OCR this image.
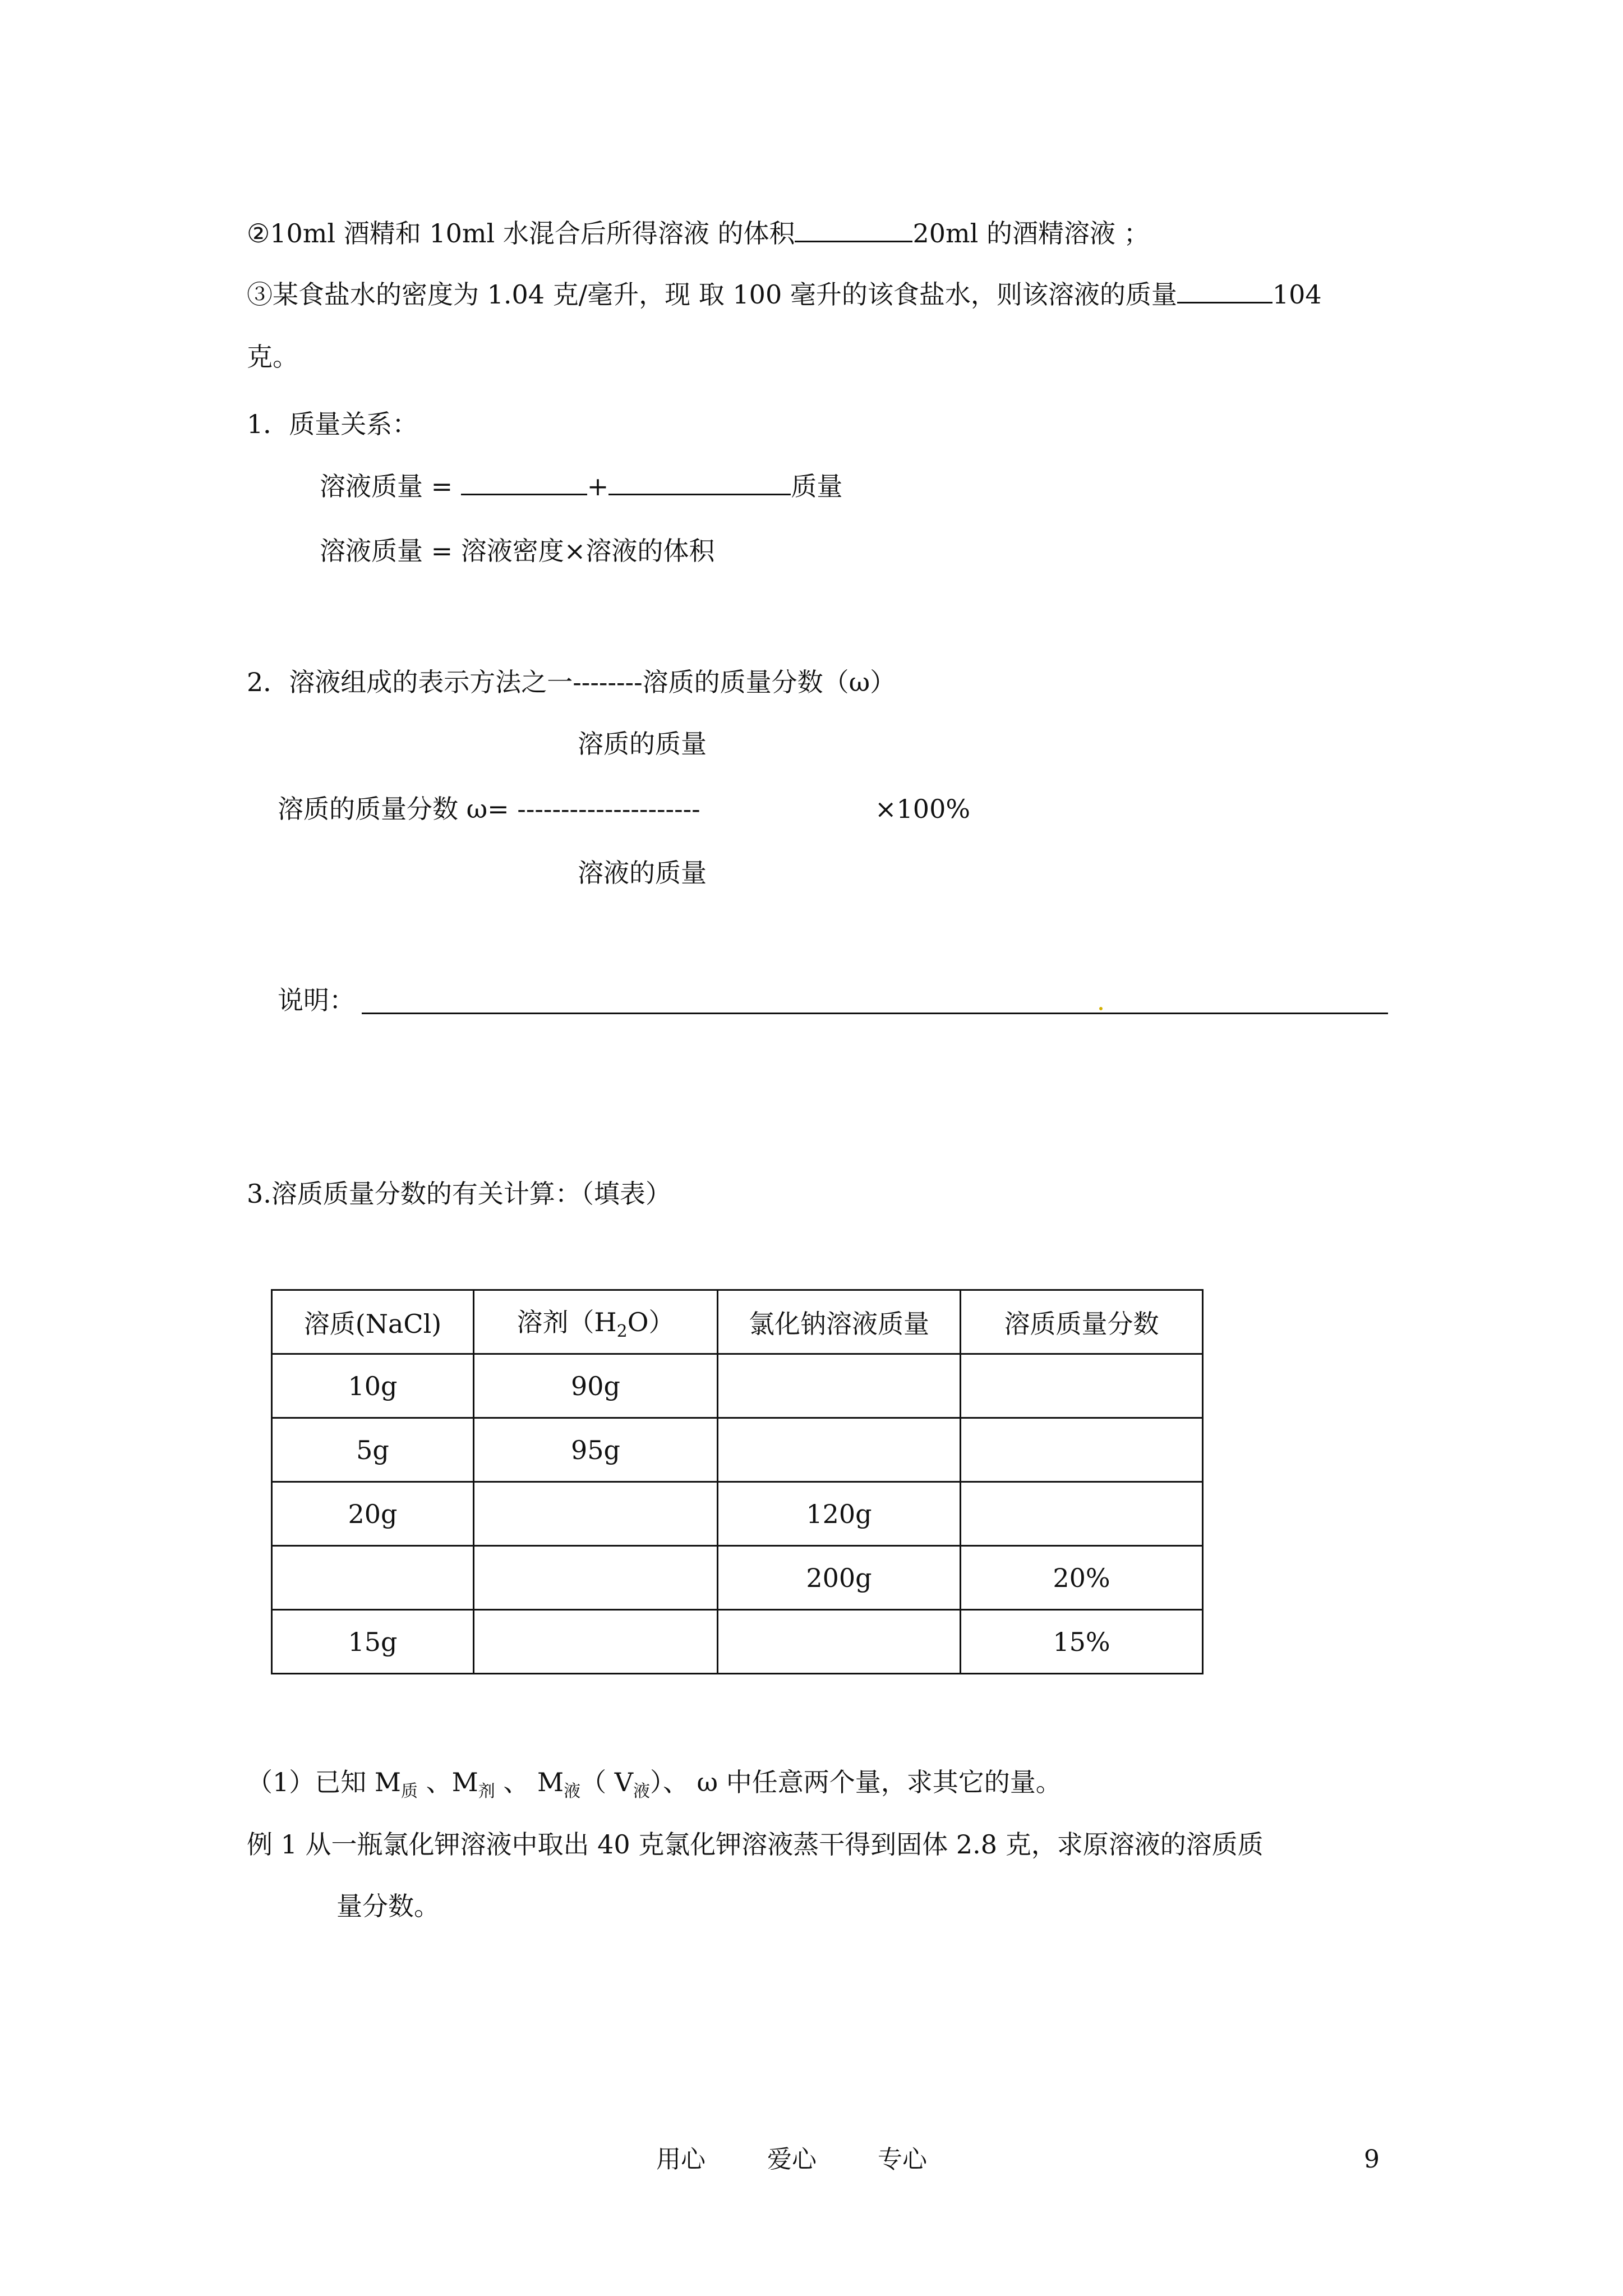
②10ml 酒精和 10ml 水混合后所得溶液 的体积	20ml 的酒精溶液 ；
③某食盐水的密度为 1.04 克/毫升，现 取 100 毫升的该食盐水，则该溶液的质量	104
克。
1．质量关系：
溶液质量 =	+	质量
溶液质量 = 溶液密度×溶液的体积
2．溶液组成的表示方法之一--------溶质的质量分数（ω）
溶质的质量
溶质的质量分数 ω= ---------------------	×100%
溶液的质量
说明：
3.溶质质量分数的有关计算：（填表）
溶质(NaCl)	溶剂$(H_2O)$	氯化钠溶液质量	溶质质量分数
10g	90g		
5g	95g		
20g		120g	
		200g	20%
15g			15%
（1）已知 $M_质$ 、$M_剂$ 、 $M_液$（ $V_液$）、 ω 中任意两个量，求其它的量。
例 1 从一瓶氯化钾溶液中取出 40 克氯化钾溶液蒸干得到固体 2.8 克，求原溶液的溶质质
量分数。
用心	爱心 专心	9
